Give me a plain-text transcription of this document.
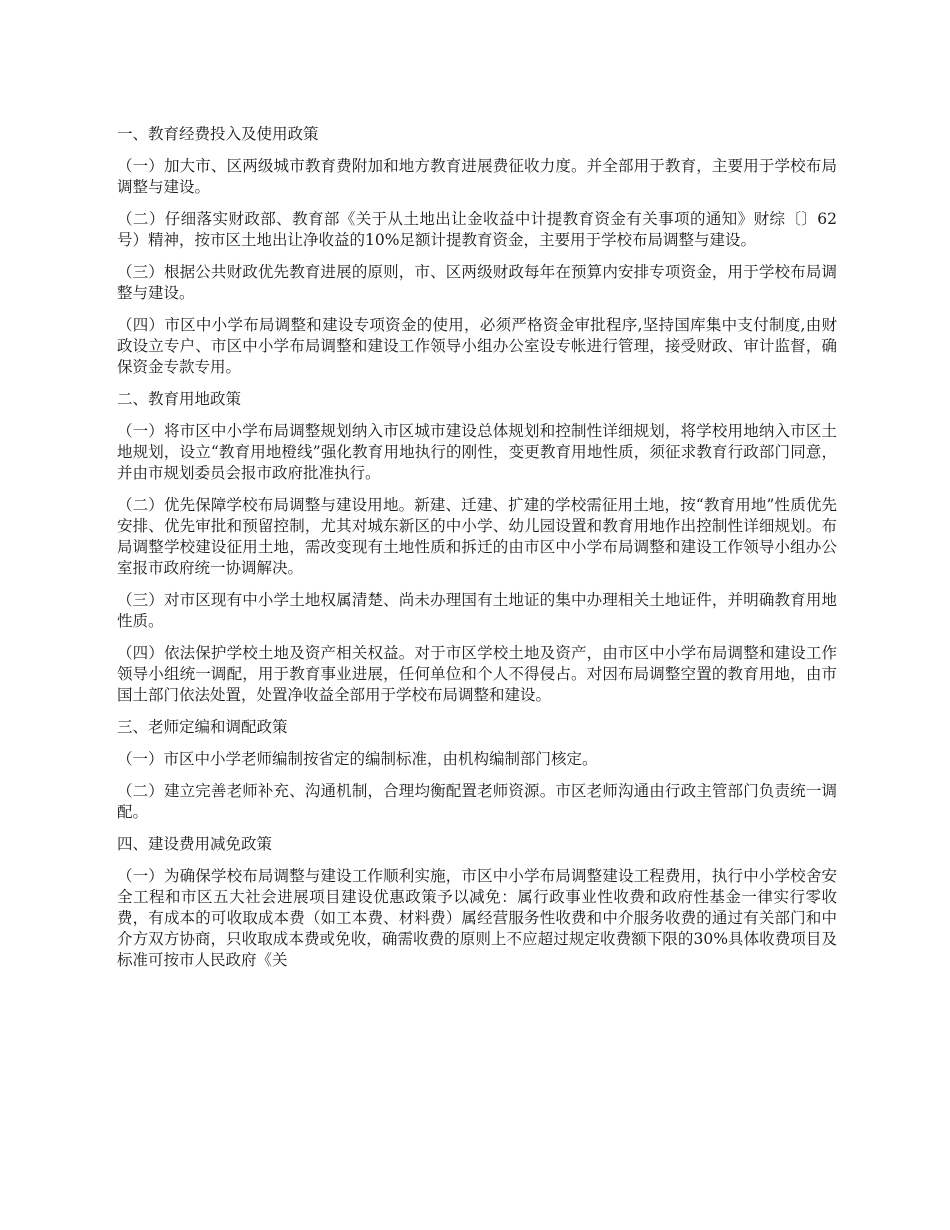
一、教育经费投入及使用政策

（一）加大市、区两级城市教育费附加和地方教育进展费征收力度。并全部用于教育，主要用于学校布局调整与建设。

（二）仔细落实财政部、教育部《关于从土地出让金收益中计提教育资金有关事项的通知》财综〔〕62号）精神，按市区土地出让净收益的10%足额计提教育资金，主要用于学校布局调整与建设。

（三）根据公共财政优先教育进展的原则，市、区两级财政每年在预算内安排专项资金，用于学校布局调整与建设。

（四）市区中小学布局调整和建设专项资金的使用，必须严格资金审批程序,坚持国库集中支付制度,由财政设立专户、市区中小学布局调整和建设工作领导小组办公室设专帐进行管理，接受财政、审计监督，确保资金专款专用。

二、教育用地政策

（一）将市区中小学布局调整规划纳入市区城市建设总体规划和控制性详细规划，将学校用地纳入市区土地规划，设立“教育用地橙线”强化教育用地执行的刚性，变更教育用地性质，须征求教育行政部门同意，并由市规划委员会报市政府批准执行。

（二）优先保障学校布局调整与建设用地。新建、迁建、扩建的学校需征用土地，按“教育用地”性质优先安排、优先审批和预留控制，尤其对城东新区的中小学、幼儿园设置和教育用地作出控制性详细规划。布局调整学校建设征用土地，需改变现有土地性质和拆迁的由市区中小学布局调整和建设工作领导小组办公室报市政府统一协调解决。

（三）对市区现有中小学土地权属清楚、尚未办理国有土地证的集中办理相关土地证件，并明确教育用地性质。

（四）依法保护学校土地及资产相关权益。对于市区学校土地及资产，由市区中小学布局调整和建设工作领导小组统一调配，用于教育事业进展，任何单位和个人不得侵占。对因布局调整空置的教育用地，由市国土部门依法处置，处置净收益全部用于学校布局调整和建设。

三、老师定编和调配政策

（一）市区中小学老师编制按省定的编制标准，由机构编制部门核定。

（二）建立完善老师补充、沟通机制，合理均衡配置老师资源。市区老师沟通由行政主管部门负责统一调配。

四、建设费用减免政策

（一）为确保学校布局调整与建设工作顺利实施，市区中小学布局调整建设工程费用，执行中小学校舍安全工程和市区五大社会进展项目建设优惠政策予以减免：属行政事业性收费和政府性基金一律实行零收费，有成本的可收取成本费（如工本费、材料费）属经营服务性收费和中介服务收费的通过有关部门和中介方双方协商，只收取成本费或免收，确需收费的原则上不应超过规定收费额下限的30%具体收费项目及标准可按市人民政府《关
